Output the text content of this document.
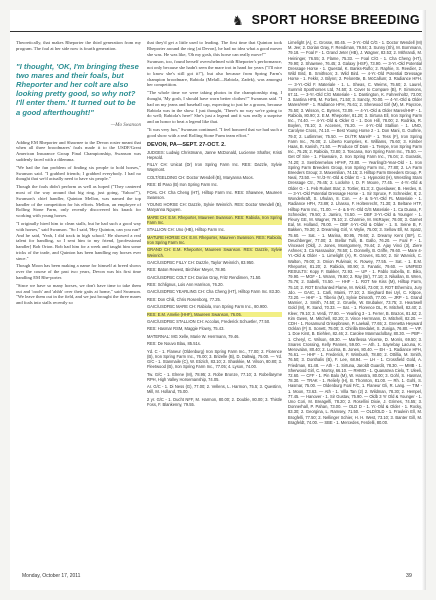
♞ SPORT HORSE BREEDING

Theoretically, that makes Rheporter the third generation from my program. The foal at her side now is fourth generation.

"I thought, 'OK, I'm bringing these two mares and their foals, but Rheporter and her colt are also looking pretty good, so why not? I'll enter them.' It turned out to be a good afterthought!"
—Mo Swanson

Adding EM Rheporter and Shawnee to the Devon roster meant that when all three broodmares' foals made it to the USDF/Great American Insurance Group Final Championship, Swanson was suddenly faced with a dilemma.

"We had the fun problem of finding six people to hold horses," Swanson said. "I grabbed friends; I grabbed everybody. I had no thought that we'd actually need to have six people."

Though the foals didn't perform as well as hoped ("They cantered most of the way around that big ring, just going, 'Yahoo!'"), Swanson's chief handler, Quinton Mellon, was named the top handler of the competition for his efforts. Mellon, an employee of Rolling Stone Farm, only recently discovered his knack for working with young horses.

"I originally hired him to clean stalls, but he had such a good way with horses," said Swanson. "So I said, 'Hey Quinton, can you run?' And he said, 'Yeah, I did track in high school.' He showed a real talent for handling, so I sent him to my friend, [professional handler] Bob Orton. Bob had him for a week and taught him some tricks of the trade, and Quinton has been handling my horses ever since."

Though Moon has been making a name for himself at breed shows over the course of the past two years, Devon was his first time handling EM Rhe-porter.

"Since we have so many horses, we don't have time to take them out and 'oooh' and 'ahhh' over their gaits at home," said Swanson. "We leave them out in the field, and we just brought the three mares and foals into stalls recently so

that they'd get a little used to leading. The first time that Quinton took Rheporter around the ring [at Devon], he had no idea what a good mover she was. He was like, 'Oh my gosh, this horse can really move!'"

Swanson, too, found herself overwhelmed with Rheporter's performance, not only because she hadn't seen the mare trot in hand for years ("I'll nice to know she's still got it!"), but also because from Spring Farm's champion broodmare, Rabiola (Melall—Rabiola, Zadek), was amongst her competition.

"The whole time we were taking photos in the championship ring, I thought, 'My gosh, I should have worn better clothes!'" Swanson said. "I had on my jeans and baseball cap, expecting to just be a groom, because Rabiola was in the show. I just thought, 'There's no way we're going to do well; Rabiola's here!' She's just a legend and it was really a surprise and an honor to beat a legend like that.

"It was very fun," Swanson continued. "I feel honored that we had such a good show with a real Rolling Stone Farm team effort."

DEVON, PA—SEPT. 27-OCT. 2.

JUDGES: Ludwig Christmann, Janne McDonald, Lucienne Shafter, Kristi Hepsold.

FILLY CH: Unicat (Dr) Iron Spring Farm Inc. RES: Dazzle, Sylvie Waymont.

COLT/GELDING CH: Doctor Wendell (B), Maryanna Moos.

RES: El Paso (B) Iron Spring Farm Inc.

FOAL CH: Cha Cheng (HT), Hilltop Farm Inc. RES: Shawnee, Maureen Swanson.

YOUNG HORSE CH: Dazzle, Sylvie Weinrich. RES: Doctor Wendell (B), Maryanna Nguyen.

MARE CH: E.M. Rheporter, Maureen Swanson. RES: Rabiola, Iron Spring Farm Inc.

STALLION CH: Uno (HB), Hilltop Farm Inc.

MATURE HORSE CH: E.M. Rheporter, Maureen Swanson. RES: Rabiola, Iron Spring Farm Inc.

GRAND CH: E.M. Rheporter, Maureen Swanson. RES: Dazzle, Sylvie Weinrich.

GAIC/USDFBC FILLY CH: Dazzle, Taylor Weinrich, 83.950.

RES: Baton Rewest, Birchker Meyer, 78.90.

GAIC/USDFBC COLT CH: Dorian Gray, Fritz Rendimen, 71.50.

RES: Schlignus, Lois Ann Harrison, 76.20.

GAIC/USDFBC YEARLING CH: Cha Cheng (HT), Hilltop Farm Inc. 83.30.

RES: Don Chili, Chris Rosenborg, 77.25.

GAIC/USDFBC MARE CH: Rabiola, Iron Spring Farm Inc., 80.900.

RES: E.M. Amelie (HHF), Maureen Swanson, 76.05.

GAIC/USDFBC STALLION CH: Accolas, Frederick Schuetler, 77.50.

RES: Hasmar RSM, Maggie Flowry, 75.43.

MATERNAL: MG Xelle, Marie W. Herrmann, 79.46.

RES: De Nouvo Blau, 85.51s.

Yd. C - 1. Flaneur (Oldenburg) Iron Spring Farm Inc., 77.00; 2. Florence (B), Iron Spring Farm Inc., 76.00; 3. Brizelle (B), D. Daltwig, 75.00. — Yd. G/C - 1. Stanmaile (C), W. Etizich, 83.10; 2. Shaskkie, M. Vilson, 80.80; 3. Fleetwood (B), Iron Spring Farm Inc., 77.05; 4. Lyson, 74.00.

Tw. G/C - 1. Elrene (M), 78.95; 2. Robe Bronze, 77.10; 3. Robellaryme RPH, High Valley Horsemanship, 74.05.

Ar. G/C - 1. Di Ness (G), 77.00; 2. Vellens, L. Harmon, 75.5; 3. Questinn, Mill, M. Holland, 75.00.

2 yr. G/C - 1. Ducht NFF, M. Harmon, 80.00; 2. Double, 80.00; 3. Thistle Foss, F. Blankenny, 79.55.

Limelight (A), C. Grosse, 80.45. — 3-Yr.-Old C/G - 1. Doctor Wendell (M) M. Jee; 2. Dorian Gray, F. Rendiman, 79.84; 3. Sunny (Sh), M. Bornmann, 79.18. — Foal F - 1. Grand Jeter (HB), J. Wagner, 83.53; 2. Mithrandi, M. Heininger, 76.55; 3. Flame, 75.33. — Foal C/G - 1. Cha Cheng (HT), 79.90; 2. Shawnee, 76.45; 3. Galaxy (HSF), 73.90. — 3-Yr.-Old Potential Dressage Horse - 1. Questal, K. Banks-Ruflo; 2. Raphie, S. Reedier, 2. Wild Bird, B. Smithson; 3. Wild Bird. — 4-Yr.-Old Potential Dressage Horse - 1. Fekkr, J. Bilynn; 2. Pelorette, B. McCallum; 3. Radiance HFH. — 3-Yr.-Old F. Materiale - 1. L. Sheas, C. Weims, 75.60; 2. Laurel, Summit Sporthorses Ltd, 74.50; 3. Cover to Compare (B), F. Simmons, 67.11. — 3-Yr.-Old C/G Materiale - 1. Dantington, K. Fahrenholtz, 73.00; 3. Santina HFB, M. Forbes, 71.50; 3. Sancty, 70.00. — 4-Yr.-Old & Older Mares/HHF - 1. Radiance HFH, 75.61; 2. Sherwood Girl (M), M. Paycroe, 75.50; 3. Wisson, C. Byrnes, 73.09. — 4-Yr.-Old & Older Mares/HHF - 1. Rabiola, 80.90; 2. E.M. Rheporter, 81.20; 3. Sirtuna Ell, Iron Spring Farm Inc., 74.40. — 4-Yr.-Old & Older G - 1. Don Hill, 78.00; 2. Rodrika, R. Boylen, 78.10; 3. Accenes, 76.20. — 4-Yr.-Old Stallion - 1. UNO, Carolyne Cross, 74.10. — Best Young Horse 2 - 1. Don Mani, G. Guthrie, 79.0; 2. Lutlimmer, 75.50. — Dr./TR Mare/F - 1. Tess (F), Iron Spring Farm Inc., 76.00; 2. Liberto Kumpries, K. Williams, 75.60; 3. Kimber Haas, B. Kanish, 71.50. — Produce Of Dam - 1. Tempe, Iron Spring Farm Inc., 75.25; 2. Rabiola, 73.80; 3. Toscana, Iron Spring Farm Inc., 75.50. — Get Of Sire - 1. Flownaire, 2. Iron Spring Farm Inc., 76.04; 2. Gorastis, 74.20; 3. Sembremelow HFHF, 73.80. — Yearling/3-Year-Old - 1. Iron Spring Farm Breeders Group, Iron Spring Farm Inc., 77.80; 2. LA Farm Breeders Group; 3. Maxemilian, 74.15; 3. Hilltop Farm Breeders Group, P. Neal, 73.50. — Yr./3-Yr.-Old & Older G - 1. Hypnotist (H), Wrestling Stars Dressage Ctr., 79.45; 2. Lockrite I, D. P. Moore, 77.45. — 4-Yr.-Old & Older G - 1. Feb Rulant Star; 2. Tortier, 81.3; 2. Queslawer, B. Herdes, 8. — 3-Yr.-Old Potential Dressage Horse - 1. Sir Spruce, F. Schneider, 8; 2. Wonderkraft, S. Uhulan, 8. Con. — 4- & 5-Yr.-Old FL Materiale - 1. Radiance HFH, 73.89; 2. Lhasso, F. Holtenrecht, 71.30; 3. Beltane HTF, Hilltop Farm Inc., 71.00. — 4- & 5-Yr.-Old G/S Materiale - 1. Ca Duana, F. Schneider, 79.50; 2. Jamiro, 74.50. — DBF 3-Yr.-Old & Younger - 1. Fleury GE, M. Wagner, 79.10; 2. Charmie, M. McRayer, 78.00; 3. Garnet Eal, M. Holland, 78.00. — DBF 4-Yr.-Old & Older - 1. S. Seine B, F. Bakken, 79.30; 2. Dreaming Girl, V. Wylie, 75.00; 3. Sellow Ell, M. Spatz, 75.60. — Sat. - 1. Marina, 80.95, 79.60; 2. Dreamy Kent (SIF), C. Deuchberger, 77.00; 3. Stellar Tulli, B. Gallo, 76.20. — Foal F - 1. Vinceaet (Old), J. Jones, Montgomery, 79.44; 2. Ajay Vinci (3), Ziere Ashnes; 3. Ca Nassauitor, 78.50; 1. Donnelly, B. Griffe, 79.60. — Mare 4-Yr.-Old & Older - 1. Limelight (A), R. Groves, 81.50; 2. Sir Warvick, C. Walton, 79.00; 3. Onion Pulvinair, K. Rowey, 77.55. — Sat. - 1. E.M. Rheporter, 81.20; 2. Rabiola, 80.90; 3. Fanatic, 79.60. — UNIFIED RESULTS: Kopy F. Bakker, 72.93. — UP - 1. Pablo Sabella, E. Biko, 79.90. — MGF - 1. Wrann, 79.80; 2. Ray (Br), 77.10; 3. Nikallan, B. Wren, 75.76; 2. Sabelli, 74.50. — HHF - 1. ROT Ne Kiss (M), Hilltop Farm, 75.10; 2. ROT Enchanted Flame, M. Wickli, 73.00; 3. ROT Ethernizo, Jury Jdo. — GAIC, 1. Carli, Maimi, 77.10; 2. Sieghard Bei Uyl, C. Kitpoe, 73.20. — HHF - 1. Tiberio (M), Sylvie Dimroth, 77.00. — JRP - 1. Grand Marnier, J. Smith, 74.50; 2. Gruelle, W. Brubaker, 73.75; 3. Heartwell Gold (M), R. Sand, 70.33. — Sat. - 1. Florence DL, R. Mitchell, 82.40; 2. Kleer, 79.10; 3. Verdi, 77.80. — Yearling 3 - 1. Ferrer, B. Brazos, 81.62; 2. Kim Gwen, M. Mitchell, 82.20; 3. Vince Herrmann, D. Mitchell, 82.20. — CDH - 1. Rosamund Grisepbrown, P. Laekail, 77.65; 2. Grenetta Heyward Ocklan (F) S. Sonett, 75.00; 3. Chirilla Bredalet, S. Zuniga, 76.80. — VIF. 1. Doe Kirst, B. Eiehlen, 82.46; 2. Carolee Manmaclolbay, 80.30. — PBP - 1. Cheryl, C. Wilson, 69.30. — Marifessa Vicente, D. Morris, 69.50; 3. Snares Crossing, Kelly Pannes, 59.00. — Ath. 1. Sayrebay Lacuna, K. Merovalan, 80.40; 2. Lucirna, B. Jones, 80.40. — EH - 1. Radiance HFH, 76.61. — HHF - 1. Frederick, F. Wimbush, 78.80; 2. Ottillia, M. Smith, 76.50; 3. Donthalis (B), F. Lee, 68.94. — LH - 1. Crossfield Gold, A. Friedman, 81.48. — Ath - 1. Sirtuna, Jaroldt Guardit, 78.30. — MMB - 1. Sherwood Girl, C. Mortsy, 66.10. — RHMO - 1. Quanatrea Cielo, T. Uleeli, 72.60. — CFF - 1. Pin Balo (M), W. Hanstra, 80.00; 3. Gohl, S. Hasmar, 78.30. — TRAK - 1. Reliefy (H), B. Thornton, 81.00. — Rh. 1. Gohl, S. Hasmar, 75.00. — Oldenburg Foal F/C, 1. Flaneur Gli, R. Lang. — TIM - 1. Moon, 73.63. — Ath - 1. Villa Tan (2) 2. Wildman, 78.30; 2. Hempel, 77.45. — Hanover - 1. Sir Gustav, 75.90. — Oldb 3 Yr Old & Younger - 1. Uno Cori, M. Breagelfi, 78.20; 2. Rosellini Dixie, J. Grimes, 74.55; 3. Donnerhall, P. Pahan, 73.00. — OLD D - 1. Yr.-Old & Older - 1. Rocky, 83.30; 2. Georgina, L. Ramsey, 71.50. — OLD/OLD - 1. Fraulein Ell, M. Brogfelli, 77.50; 2. Nellinger Schier, H. H. West, 73.10; 3. Banter Gill, M. Bragfeldt, 74.00. — SBE - 1. Mercedes, Ferdelli, 80.00.

Monday, October 17, 2011	39
